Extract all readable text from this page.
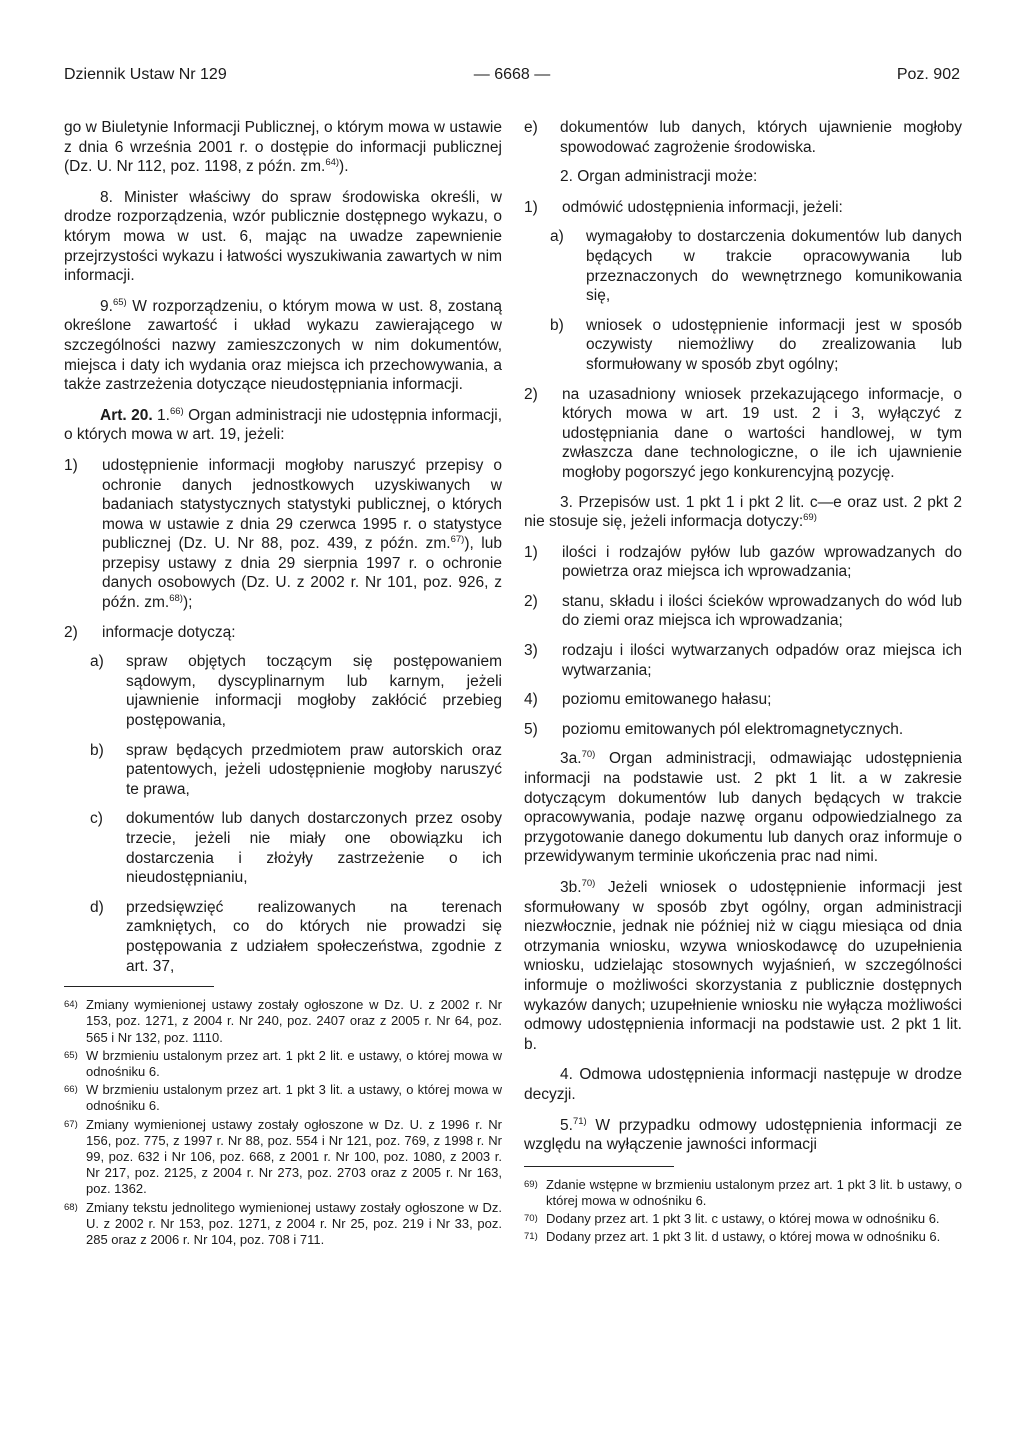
Dziennik Ustaw Nr 129	— 6668 —	Poz. 902

go w Biuletynie Informacji Publicznej, o którym mowa w ustawie z dnia 6 września 2001 r. o dostępie do informacji publicznej (Dz. U. Nr 112, poz. 1198, z późn. zm.$^{64)}$).

8. Minister właściwy do spraw środowiska określi, w drodze rozporządzenia, wzór publicznie dostępnego wykazu, o którym mowa w ust. 6, mając na uwadze zapewnienie przejrzystości wykazu i łatwości wyszukiwania zawartych w nim informacji.

9.$^{65)}$ W rozporządzeniu, o którym mowa w ust. 8, zostaną określone zawartość i układ wykazu zawierającego w szczególności nazwy zamieszczonych w nim dokumentów, miejsca i daty ich wydania oraz miejsca ich przechowywania, a także zastrzeżenia dotyczące nieudostępniania informacji.

Art. 20. 1.$^{66)}$ Organ administracji nie udostępnia informacji, o których mowa w art. 19, jeżeli:

1) udostępnienie informacji mogłoby naruszyć przepisy o ochronie danych jednostkowych uzyskiwanych w badaniach statystycznych statystyki publicznej, o których mowa w ustawie z dnia 29 czerwca 1995 r. o statystyce publicznej (Dz. U. Nr 88, poz. 439, z późn. zm.$^{67)}$), lub przepisy ustawy z dnia 29 sierpnia 1997 r. o ochronie danych osobowych (Dz. U. z 2002 r. Nr 101, poz. 926, z późn. zm.$^{68)}$);
2) informacje dotyczą:
a) spraw objętych toczącym się postępowaniem sądowym, dyscyplinarnym lub karnym, jeżeli ujawnienie informacji mogłoby zakłócić przebieg postępowania,
b) spraw będących przedmiotem praw autorskich oraz patentowych, jeżeli udostępnienie mogłoby naruszyć te prawa,
c) dokumentów lub danych dostarczonych przez osoby trzecie, jeżeli nie miały one obowiązku ich dostarczenia i złożyły zastrzeżenie o ich nieudostępnianiu,
d) przedsięwzięć realizowanych na terenach zamkniętych, co do których nie prowadzi się postępowania z udziałem społeczeństwa, zgodnie z art. 37,
64) Zmiany wymienionej ustawy zostały ogłoszone w Dz. U. z 2002 r. Nr 153, poz. 1271, z 2004 r. Nr 240, poz. 2407 oraz z 2005 r. Nr 64, poz. 565 i Nr 132, poz. 1110.
65) W brzmieniu ustalonym przez art. 1 pkt 2 lit. e ustawy, o której mowa w odnośniku 6.
66) W brzmieniu ustalonym przez art. 1 pkt 3 lit. a ustawy, o której mowa w odnośniku 6.
67) Zmiany wymienionej ustawy zostały ogłoszone w Dz. U. z 1996 r. Nr 156, poz. 775, z 1997 r. Nr 88, poz. 554 i Nr 121, poz. 769, z 1998 r. Nr 99, poz. 632 i Nr 106, poz. 668, z 2001 r. Nr 100, poz. 1080, z 2003 r. Nr 217, poz. 2125, z 2004 r. Nr 273, poz. 2703 oraz z 2005 r. Nr 163, poz. 1362.
68) Zmiany tekstu jednolitego wymienionej ustawy zostały ogłoszone w Dz. U. z 2002 r. Nr 153, poz. 1271, z 2004 r. Nr 25, poz. 219 i Nr 33, poz. 285 oraz z 2006 r. Nr 104, poz. 708 i 711.
e) dokumentów lub danych, których ujawnienie mogłoby spowodować zagrożenie środowiska.

2. Organ administracji może:

1) odmówić udostępnienia informacji, jeżeli:
a) wymagałoby to dostarczenia dokumentów lub danych będących w trakcie opracowywania lub przeznaczonych do wewnętrznego komunikowania się,
b) wniosek o udostępnienie informacji jest w sposób oczywisty niemożliwy do zrealizowania lub sformułowany w sposób zbyt ogólny;
2) na uzasadniony wniosek przekazującego informacje, o których mowa w art. 19 ust. 2 i 3, wyłączyć z udostępniania dane o wartości handlowej, w tym zwłaszcza dane technologiczne, o ile ich ujawnienie mogłoby pogorszyć jego konkurencyjną pozycję.

3. Przepisów ust. 1 pkt 1 i pkt 2 lit. c—e oraz ust. 2 pkt 2 nie stosuje się, jeżeli informacja dotyczy:$^{69)}$

1) ilości i rodzajów pyłów lub gazów wprowadzanych do powietrza oraz miejsca ich wprowadzania;
2) stanu, składu i ilości ścieków wprowadzanych do wód lub do ziemi oraz miejsca ich wprowadzania;
3) rodzaju i ilości wytwarzanych odpadów oraz miejsca ich wytwarzania;
4) poziomu emitowanego hałasu;
5) poziomu emitowanych pól elektromagnetycznych.

3a.$^{70)}$ Organ administracji, odmawiając udostępnienia informacji na podstawie ust. 2 pkt 1 lit. a w zakresie dotyczącym dokumentów lub danych będących w trakcie opracowywania, podaje nazwę organu odpowiedzialnego za przygotowanie danego dokumentu lub danych oraz informuje o przewidywanym terminie ukończenia prac nad nimi.

3b.$^{70)}$ Jeżeli wniosek o udostępnienie informacji jest sformułowany w sposób zbyt ogólny, organ administracji niezwłocznie, jednak nie później niż w ciągu miesiąca od dnia otrzymania wniosku, wzywa wnioskodawcę do uzupełnienia wniosku, udzielając stosownych wyjaśnień, w szczególności informuje o możliwości skorzystania z publicznie dostępnych wykazów danych; uzupełnienie wniosku nie wyłącza możliwości odmowy udostępnienia informacji na podstawie ust. 2 pkt 1 lit. b.

4. Odmowa udostępnienia informacji następuje w drodze decyzji.

5.$^{71)}$ W przypadku odmowy udostępnienia informacji ze względu na wyłączenie jawności informacji

69) Zdanie wstępne w brzmieniu ustalonym przez art. 1 pkt 3 lit. b ustawy, o której mowa w odnośniku 6.
70) Dodany przez art. 1 pkt 3 lit. c ustawy, o której mowa w odnośniku 6.
71) Dodany przez art. 1 pkt 3 lit. d ustawy, o której mowa w odnośniku 6.
